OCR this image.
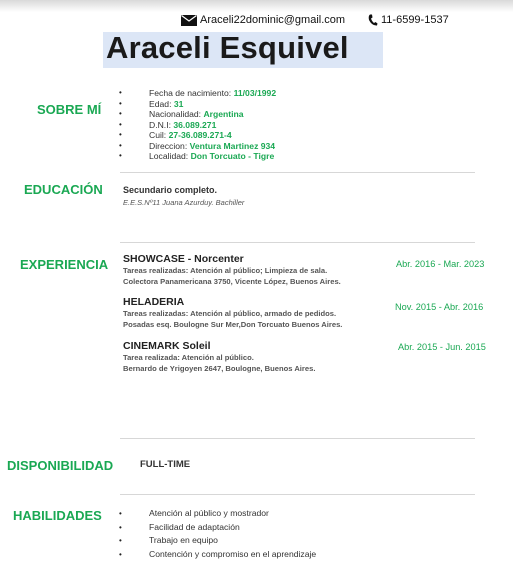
Araceli22dominic@gmail.com	11-6599-1537
Araceli Esquivel
SOBRE MÍ
• Fecha de nacimiento: 11/03/1992
• Edad: 31
• Nacionalidad: Argentina
• D.N.I: 36.089.271
• Cuil: 27-36.089.271-4
• Direccion: Ventura Martinez 934
• Localidad: Don Torcuato - Tigre
EDUCACIÓN Secundario completo.
E.E.S.Nº11 Juana Azurduy. Bachiller
EXPERIENCIA SHOWCASE - Norcenter
Tareas realizadas: Atención al público; Limpieza de sala.
Colectora Panamericana 3750, Vicente López, Buenos Aires.
Abr. 2016 - Mar. 2023
HELADERIA
Tareas realizadas: Atención al público, armado de pedidos.
Posadas esq. Boulogne Sur Mer,Don Torcuato Buenos Aires.
Nov. 2015 - Abr. 2016
CINEMARK Soleil
Tarea realizada: Atención al público.
Bernardo de Yrigoyen 2647, Boulogne, Buenos Aires.
Abr. 2015 - Jun. 2015
DISPONIBILIDAD	FULL-TIME
HABILIDADES
•	Atención al público y mostrador
• Facilidad de adaptación
• Trabajo en equipo
• Contención y compromiso en el aprendizaje
